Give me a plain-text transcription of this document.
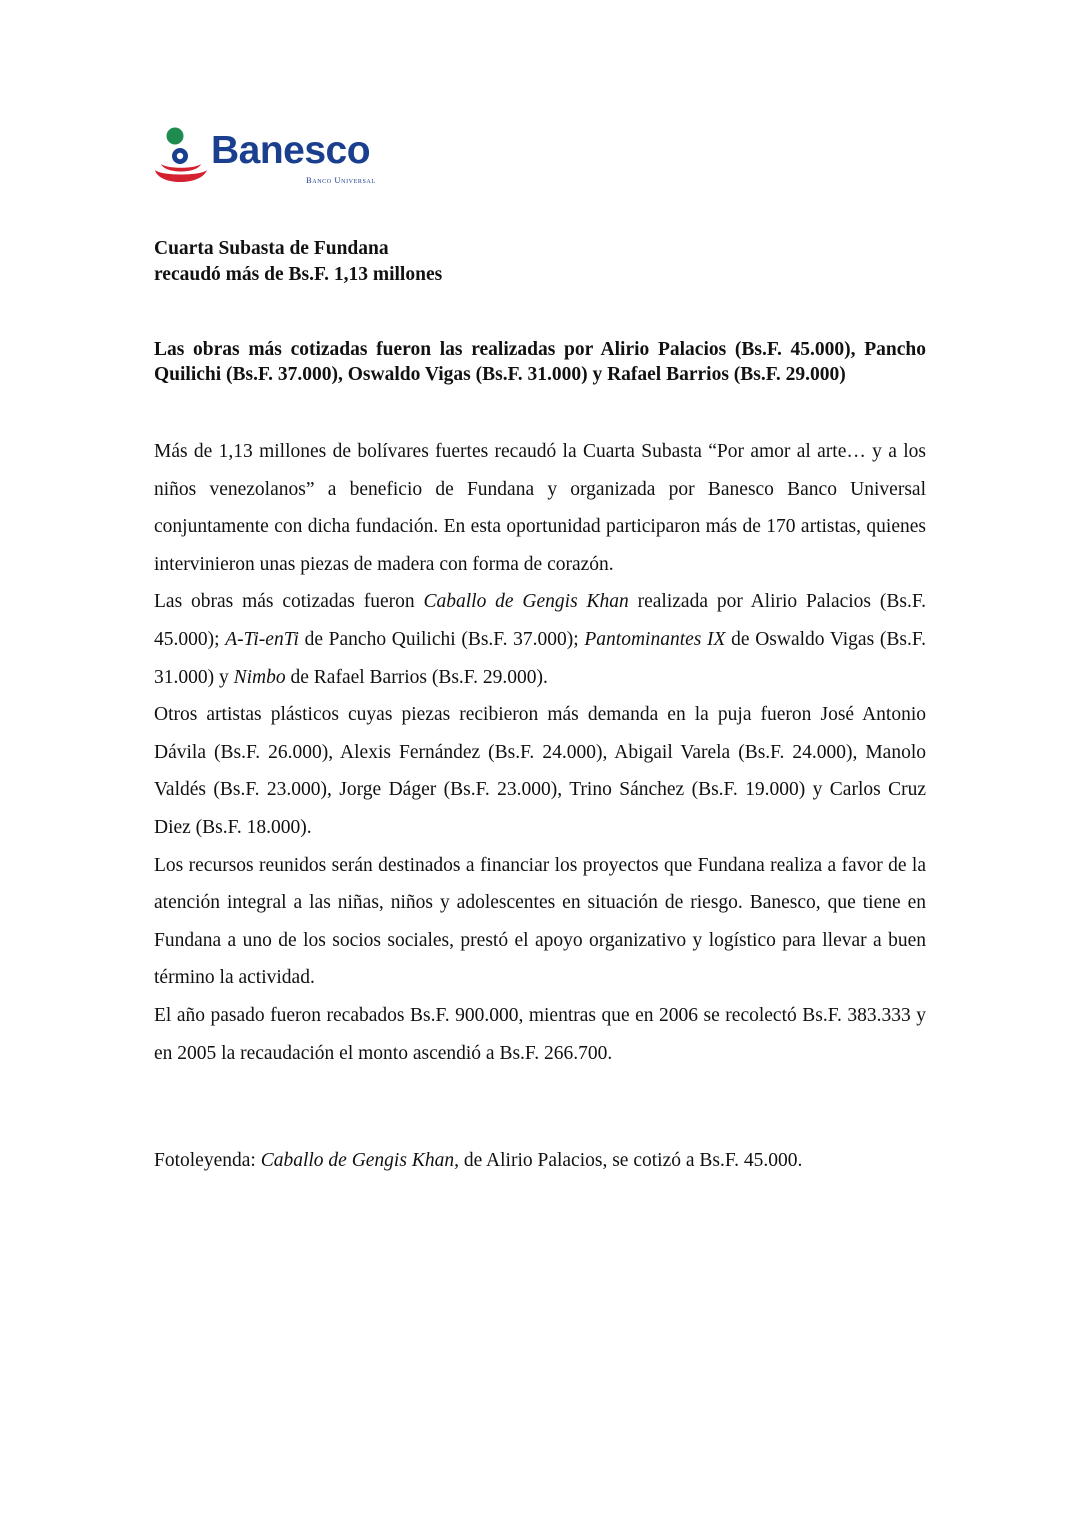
Banesco
Banco Universal
Cuarta Subasta de Fundana
recaudó más de Bs.F. 1,13 millones

Las obras más cotizadas fueron las realizadas por Alirio Palacios (Bs.F. 45.000), Pancho Quilichi (Bs.F. 37.000), Oswaldo Vigas (Bs.F. 31.000) y Rafael Barrios (Bs.F. 29.000)

Más de 1,13 millones de bolívares fuertes recaudó la Cuarta Subasta “Por amor al arte… y a los niños venezolanos” a beneficio de Fundana y organizada por Banesco Banco Universal conjuntamente con dicha fundación. En esta oportunidad participaron más de 170 artistas, quienes intervinieron unas piezas de madera con forma de corazón.

Las obras más cotizadas fueron Caballo de Gengis Khan realizada por Alirio Palacios (Bs.F. 45.000); A-Ti-enTi de Pancho Quilichi (Bs.F. 37.000); Pantominantes IX de Oswaldo Vigas (Bs.F. 31.000) y Nimbo de Rafael Barrios (Bs.F. 29.000).

Otros artistas plásticos cuyas piezas recibieron más demanda en la puja fueron José Antonio Dávila (Bs.F. 26.000), Alexis Fernández (Bs.F. 24.000), Abigail Varela (Bs.F. 24.000), Manolo Valdés (Bs.F. 23.000), Jorge Dáger (Bs.F. 23.000), Trino Sánchez (Bs.F. 19.000) y Carlos Cruz Diez (Bs.F. 18.000).

Los recursos reunidos serán destinados a financiar los proyectos que Fundana realiza a favor de la atención integral a las niñas, niños y adolescentes en situación de riesgo. Banesco, que tiene en Fundana a uno de los socios sociales, prestó el apoyo organizativo y logístico para llevar a buen término la actividad.

El año pasado fueron recabados Bs.F. 900.000, mientras que en 2006 se recolectó Bs.F. 383.333 y en 2005 la recaudación el monto ascendió a Bs.F. 266.700.

Fotoleyenda: Caballo de Gengis Khan, de Alirio Palacios, se cotizó a Bs.F. 45.000.
